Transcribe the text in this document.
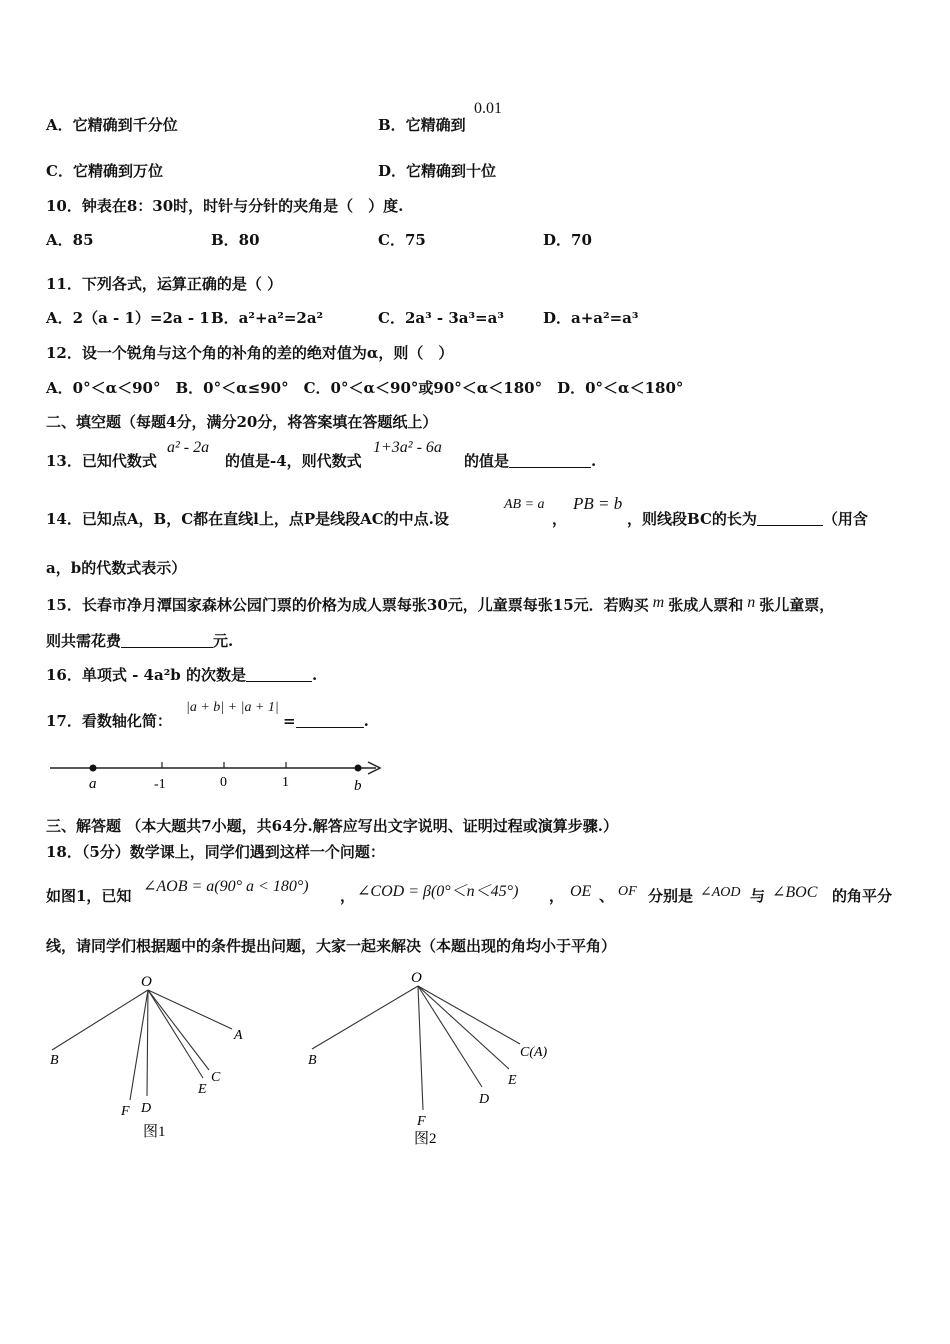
A．它精确到千分位	B．它精确到
0.01
C．它精确到万位	D．它精确到十位
10．钟表在8：30时，时针与分针的夹角是（　）度.
A．85	B．80	C．75	D．70
11．下列各式，运算正确的是（ ）
A．2（a - 1）=2a - 1 B．a²+a²=2a²	C．2a³ - 3a³=a³	D．a+a²=a³
12．设一个锐角与这个角的补角的差的绝对值为α，则（　）
A．0°＜α＜90°　B．0°＜α≤90°　C．0°＜α＜90°或90°＜α＜180°　D．0°＜α＜180°
二、填空题（每题4分，满分20分，将答案填在答题纸上）
13．已知代数式
a² - 2a
的值是-4，则代数式
1+3a² - 6a
的值是	.
14．已知点A，B，C都在直线l上，点P是线段AC的中点.设
AB = a
，
PB = b
，则线段BC的长为	（用含
a，b的代数式表示）
15．长春市净月潭国家森林公园门票的价格为成人票每张30元，儿童票每张15元．若购买 m 张成人票和 n 张儿童票，
则共需花费	元.
16．单项式 - 4a²b 的次数是	.
17．看数轴化简：
|a + b| + |a + 1|
=	.
a	-1	0	1	b
三、解答题 （本大题共7小题，共64分.解答应写出文字说明、证明过程或演算步骤.）
18．（5分）数学课上，同学们遇到这样一个问题：
如图1，已知
∠AOB = a(90° a < 180°)
， ∠COD = β(0°＜n＜45°) ， OE 、 OF 分别是 ∠AOD 与 ∠BOC 的角平分
线，请同学们根据题中的条件提出问题，大家一起来解决（本题出现的角均小于平角）
O
A
B
C
E
D
F
图1
O
B
C(A)
E
D
F
图2
